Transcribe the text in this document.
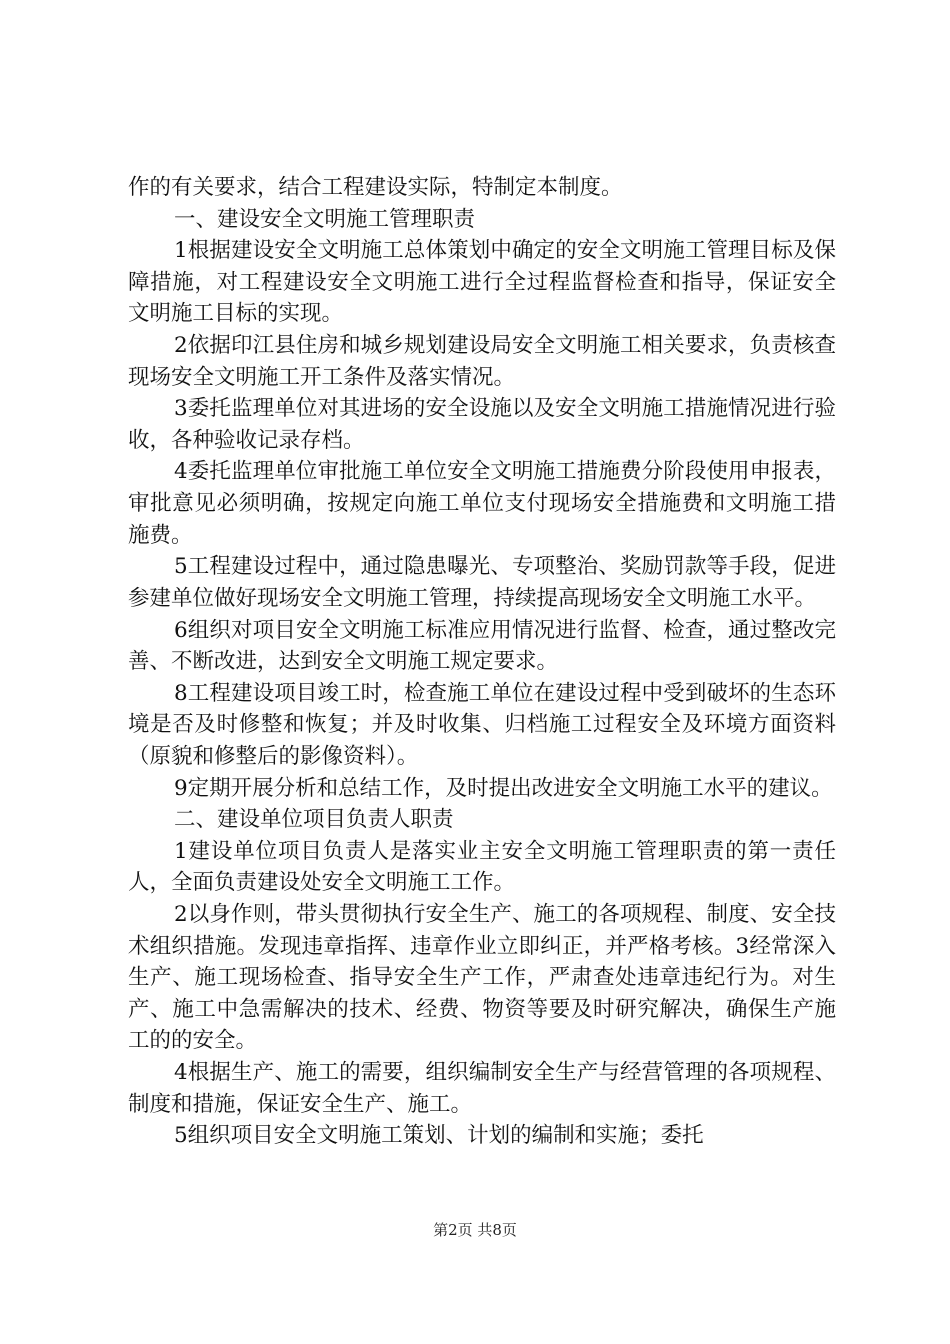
作的有关要求，结合工程建设实际，特制定本制度。

一、建设安全文明施工管理职责

1根据建设安全文明施工总体策划中确定的安全文明施工管理目标及保障措施，对工程建设安全文明施工进行全过程监督检查和指导，保证安全文明施工目标的实现。

2依据印江县住房和城乡规划建设局安全文明施工相关要求，负责核查现场安全文明施工开工条件及落实情况。

3委托监理单位对其进场的安全设施以及安全文明施工措施情况进行验收，各种验收记录存档。

4委托监理单位审批施工单位安全文明施工措施费分阶段使用申报表，审批意见必须明确，按规定向施工单位支付现场安全措施费和文明施工措施费。

5工程建设过程中，通过隐患曝光、专项整治、奖励罚款等手段，促进参建单位做好现场安全文明施工管理，持续提高现场安全文明施工水平。

6组织对项目安全文明施工标准应用情况进行监督、检查，通过整改完善、不断改进，达到安全文明施工规定要求。

8工程建设项目竣工时，检查施工单位在建设过程中受到破坏的生态环境是否及时修整和恢复；并及时收集、归档施工过程安全及环境方面资料（原貌和修整后的影像资料）。

9定期开展分析和总结工作，及时提出改进安全文明施工水平的建议。

二、建设单位项目负责人职责

1建设单位项目负责人是落实业主安全文明施工管理职责的第一责任人，全面负责建设处安全文明施工工作。

2以身作则，带头贯彻执行安全生产、施工的各项规程、制度、安全技术组织措施。发现违章指挥、违章作业立即纠正，并严格考核。3经常深入生产、施工现场检查、指导安全生产工作，严肃查处违章违纪行为。对生产、施工中急需解决的技术、经费、物资等要及时研究解决，确保生产施工的的安全。

4根据生产、施工的需要，组织编制安全生产与经营管理的各项规程、制度和措施，保证安全生产、施工。

5组织项目安全文明施工策划、计划的编制和实施；委托

第2页 共8页
